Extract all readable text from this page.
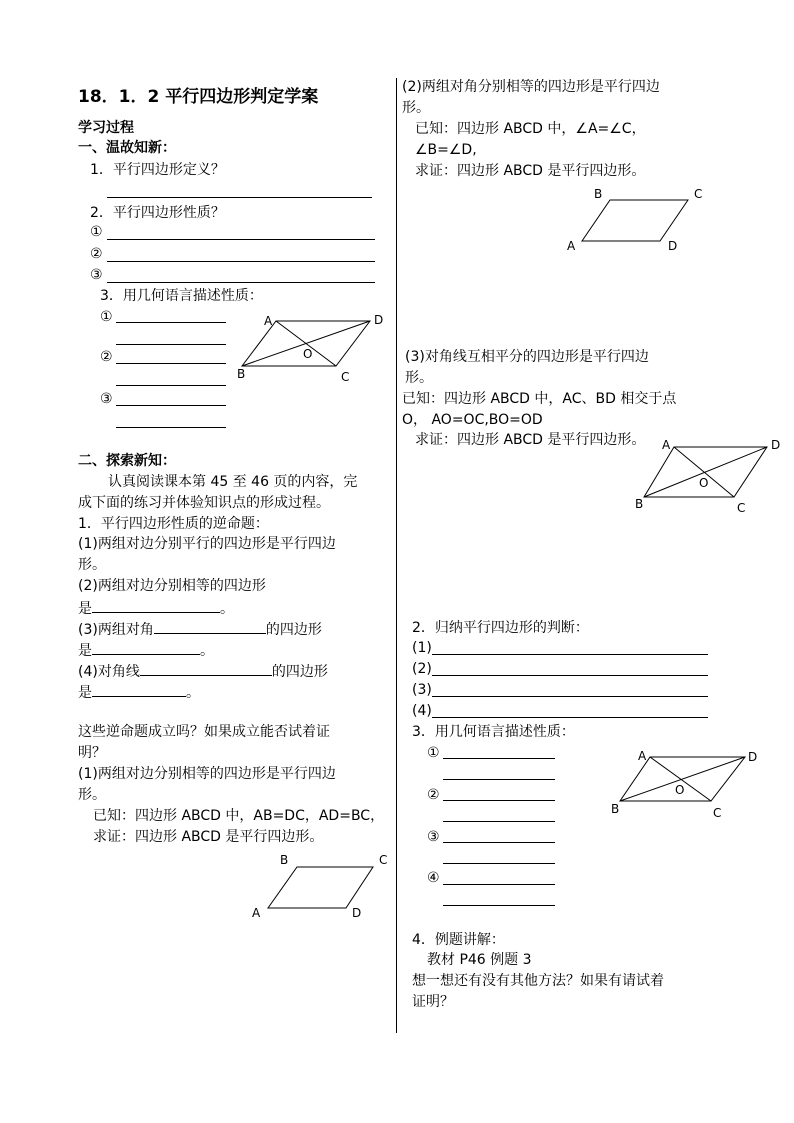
18．1．2 平行四边形判定学案
学习过程
一、温故知新：
1．平行四边形定义？
2．平行四边形性质？
①
②
③
3．用几何语言描述性质：
①
②
③
A	D
O
B	C
二、探索新知：
认真阅读课本第 45 至 46 页的内容，完
成下面的练习并体验知识点的形成过程。
1．平行四边形性质的逆命题：
(1)两组对边分别平行的四边形是平行四边
形。
(2)两组对边分别相等的四边形
是	。
(3)两组对角	的四边形
是	。
(4)对角线	的四边形
是	。
这些逆命题成立吗？如果成立能否试着证
明？
(1)两组对边分别相等的四边形是平行四边
形。
已知：四边形 ABCD 中，AB=DC，AD=BC，
求证：四边形 ABCD 是平行四边形。
B	C
A	D
(2)两组对角分别相等的四边形是平行四边
形。
已知：四边形 ABCD 中，∠A=∠C，
∠B=∠D,
求证：四边形 ABCD 是平行四边形。
B	C
A	D
(3)对角线互相平分的四边形是平行四边
形。
已知：四边形 ABCD 中，AC、BD 相交于点
O， AO=OC,BO=OD
求证：四边形 ABCD 是平行四边形。 A	D
O
B	C
2．归纳平行四边形的判断：
(1)
(2)
(3)
(4)
3．用几何语言描述性质：
①
②
③
④
A	D
O
B	C
4．例题讲解：
教材 P46 例题 3
想一想还有没有其他方法？如果有请试着
证明？
